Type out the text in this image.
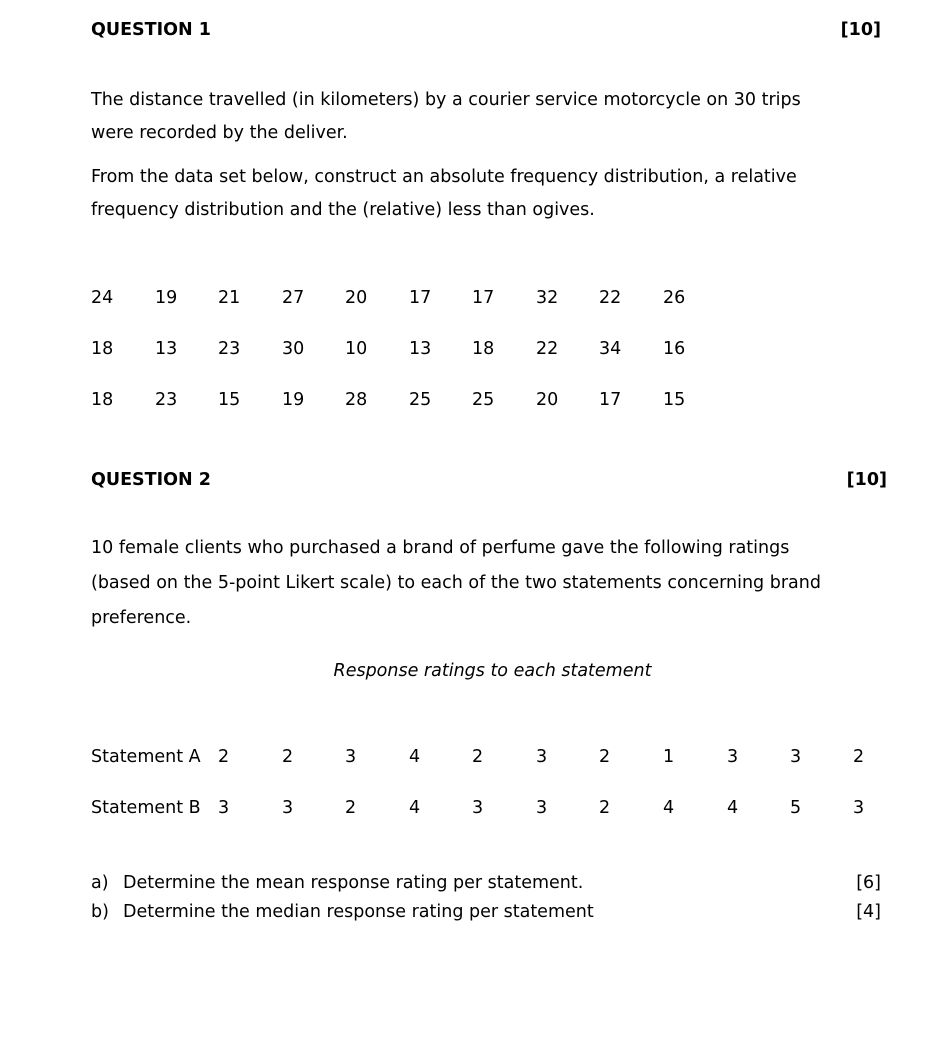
QUESTION 1	[10]
The distance travelled (in kilometers) by a courier service motorcycle on 30 trips
were recorded by the deliver.
From the data set below, construct an absolute frequency distribution, a relative
frequency distribution and the (relative) less than ogives.
24 19 21 27 20 17 17 32 22 26
18 13 23 30 10 13 18 22 34 16
18 23 15 19 28 25 25 20 17 15
QUESTION 2	[10]
10 female clients who purchased a brand of perfume gave the following ratings
(based on the 5-point Likert scale) to each of the two statements concerning brand
preference.
Response ratings to each statement
Statement A 2	2	3	4	2	3	2	1	3	3	2
Statement B 3	3	2	4	3	3	2	4	4	5	3
a) Determine the mean response rating per statement.	[6]
b) Determine the median response rating per statement	[4]
